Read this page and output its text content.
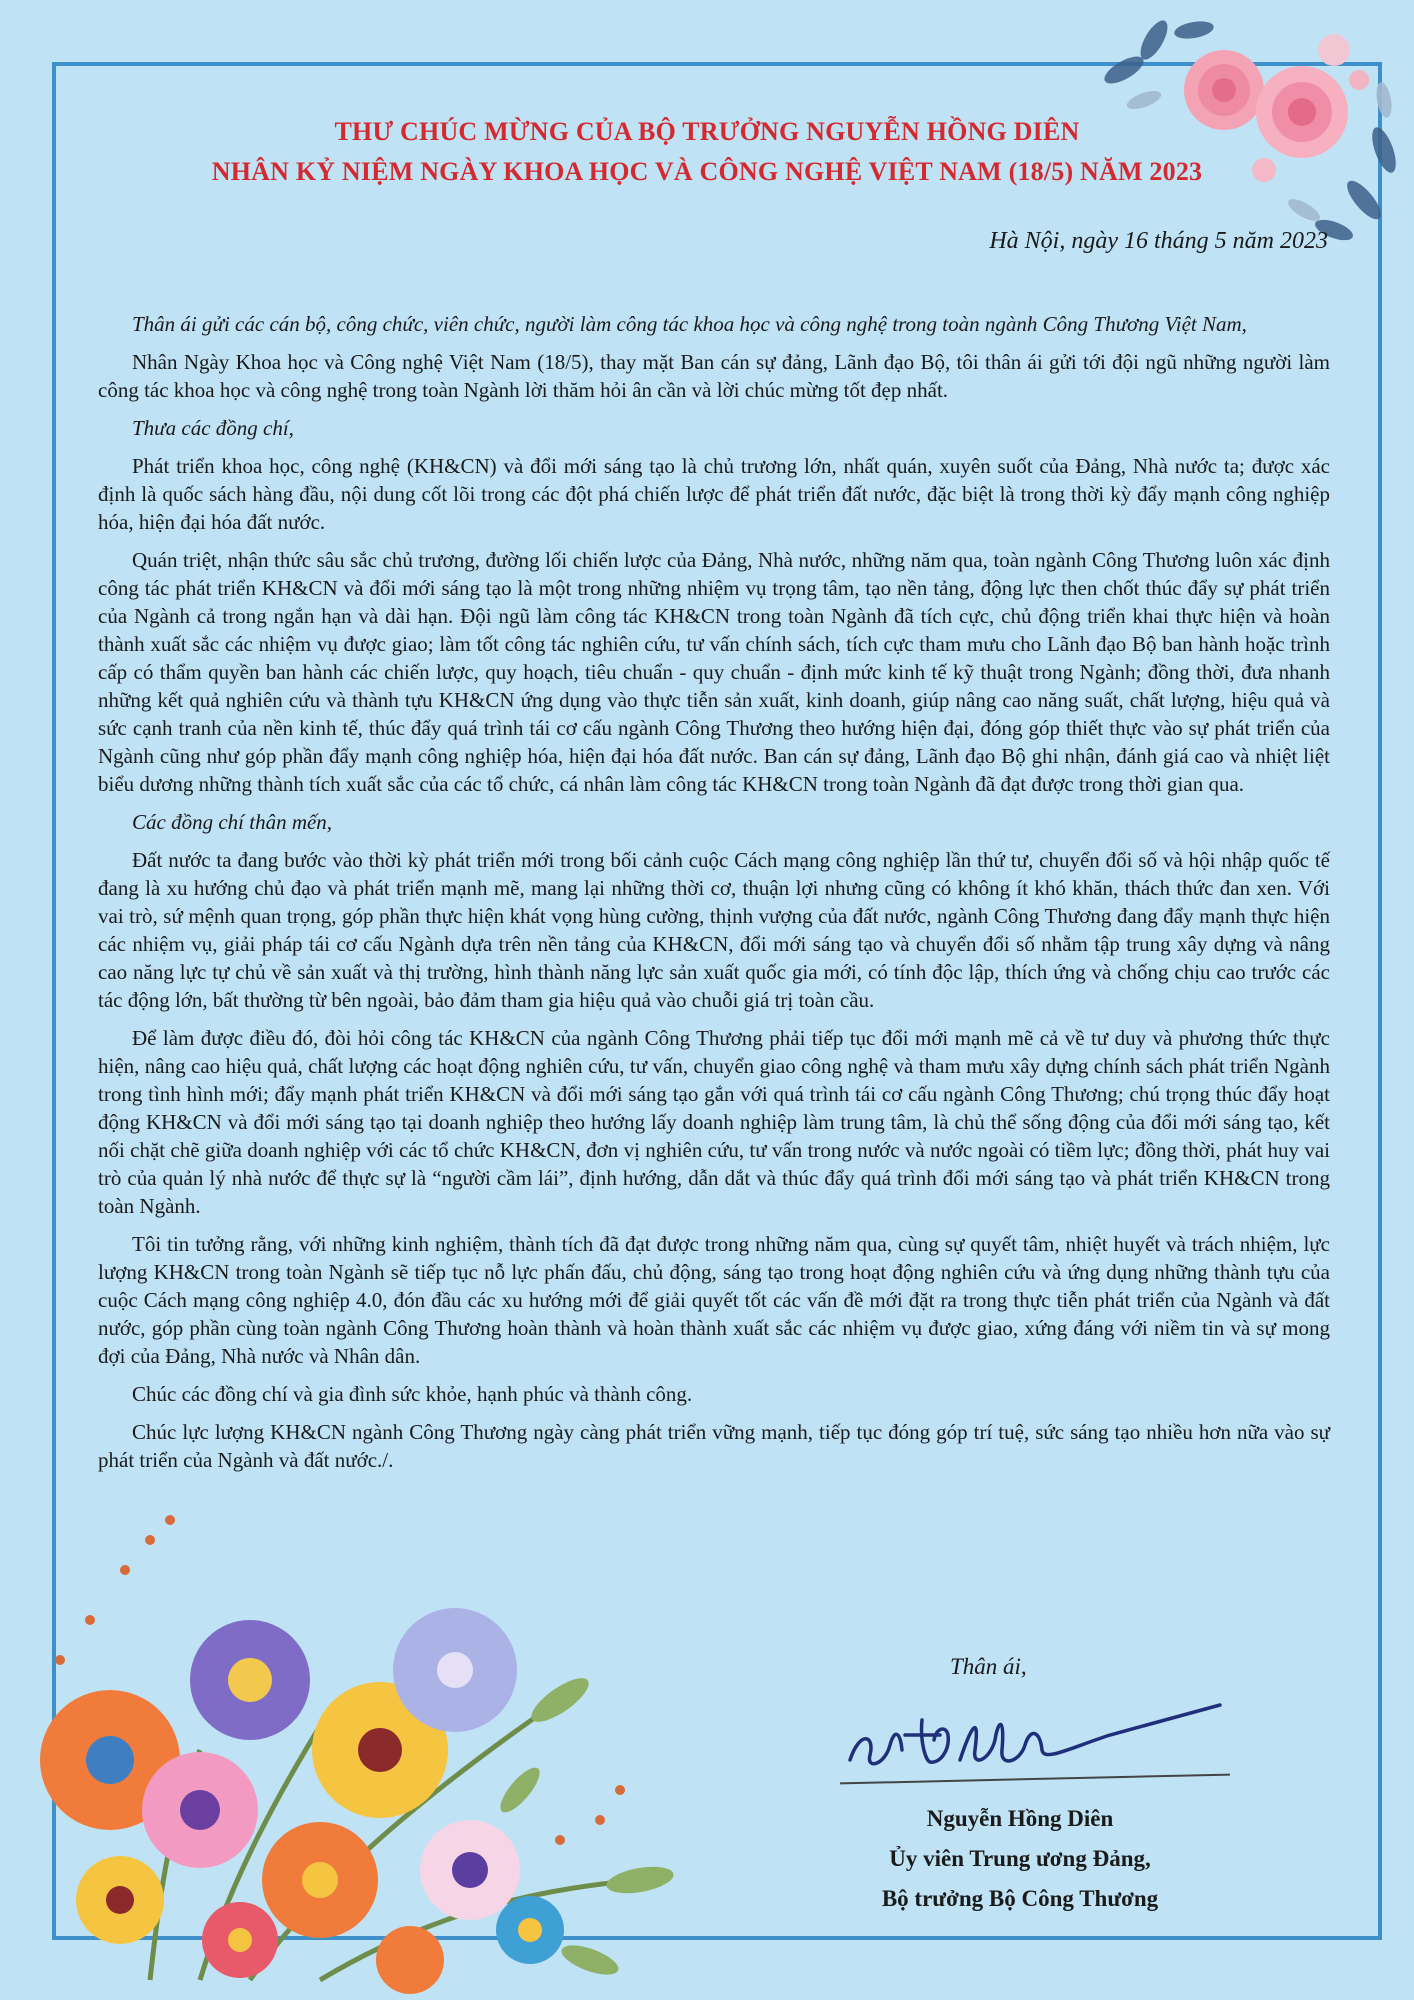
THƯ CHÚC MỪNG CỦA BỘ TRƯỞNG NGUYỄN HỒNG DIÊN
NHÂN KỶ NIỆM NGÀY KHOA HỌC VÀ CÔNG NGHỆ VIỆT NAM (18/5) NĂM 2023
Hà Nội, ngày 16 tháng 5 năm 2023

Thân ái gửi các cán bộ, công chức, viên chức, người làm công tác khoa học và công nghệ trong toàn ngành Công Thương Việt Nam,

Nhân Ngày Khoa học và Công nghệ Việt Nam (18/5), thay mặt Ban cán sự đảng, Lãnh đạo Bộ, tôi thân ái gửi tới đội ngũ những người làm công tác khoa học và công nghệ trong toàn Ngành lời thăm hỏi ân cần và lời chúc mừng tốt đẹp nhất.

Thưa các đồng chí,

Phát triển khoa học, công nghệ (KH&CN) và đổi mới sáng tạo là chủ trương lớn, nhất quán, xuyên suốt của Đảng, Nhà nước ta; được xác định là quốc sách hàng đầu, nội dung cốt lõi trong các đột phá chiến lược để phát triển đất nước, đặc biệt là trong thời kỳ đẩy mạnh công nghiệp hóa, hiện đại hóa đất nước.

Quán triệt, nhận thức sâu sắc chủ trương, đường lối chiến lược của Đảng, Nhà nước, những năm qua, toàn ngành Công Thương luôn xác định công tác phát triển KH&CN và đổi mới sáng tạo là một trong những nhiệm vụ trọng tâm, tạo nền tảng, động lực then chốt thúc đẩy sự phát triển của Ngành cả trong ngắn hạn và dài hạn. Đội ngũ làm công tác KH&CN trong toàn Ngành đã tích cực, chủ động triển khai thực hiện và hoàn thành xuất sắc các nhiệm vụ được giao; làm tốt công tác nghiên cứu, tư vấn chính sách, tích cực tham mưu cho Lãnh đạo Bộ ban hành hoặc trình cấp có thẩm quyền ban hành các chiến lược, quy hoạch, tiêu chuẩn - quy chuẩn - định mức kinh tế kỹ thuật trong Ngành; đồng thời, đưa nhanh những kết quả nghiên cứu và thành tựu KH&CN ứng dụng vào thực tiễn sản xuất, kinh doanh, giúp nâng cao năng suất, chất lượng, hiệu quả và sức cạnh tranh của nền kinh tế, thúc đẩy quá trình tái cơ cấu ngành Công Thương theo hướng hiện đại, đóng góp thiết thực vào sự phát triển của Ngành cũng như góp phần đẩy mạnh công nghiệp hóa, hiện đại hóa đất nước. Ban cán sự đảng, Lãnh đạo Bộ ghi nhận, đánh giá cao và nhiệt liệt biểu dương những thành tích xuất sắc của các tổ chức, cá nhân làm công tác KH&CN trong toàn Ngành đã đạt được trong thời gian qua.

Các đồng chí thân mến,

Đất nước ta đang bước vào thời kỳ phát triển mới trong bối cảnh cuộc Cách mạng công nghiệp lần thứ tư, chuyển đổi số và hội nhập quốc tế đang là xu hướng chủ đạo và phát triển mạnh mẽ, mang lại những thời cơ, thuận lợi nhưng cũng có không ít khó khăn, thách thức đan xen. Với vai trò, sứ mệnh quan trọng, góp phần thực hiện khát vọng hùng cường, thịnh vượng của đất nước, ngành Công Thương đang đẩy mạnh thực hiện các nhiệm vụ, giải pháp tái cơ cấu Ngành dựa trên nền tảng của KH&CN, đổi mới sáng tạo và chuyển đổi số nhằm tập trung xây dựng và nâng cao năng lực tự chủ về sản xuất và thị trường, hình thành năng lực sản xuất quốc gia mới, có tính độc lập, thích ứng và chống chịu cao trước các tác động lớn, bất thường từ bên ngoài, bảo đảm tham gia hiệu quả vào chuỗi giá trị toàn cầu.

Để làm được điều đó, đòi hỏi công tác KH&CN của ngành Công Thương phải tiếp tục đổi mới mạnh mẽ cả về tư duy và phương thức thực hiện, nâng cao hiệu quả, chất lượng các hoạt động nghiên cứu, tư vấn, chuyển giao công nghệ và tham mưu xây dựng chính sách phát triển Ngành trong tình hình mới; đẩy mạnh phát triển KH&CN và đổi mới sáng tạo gắn với quá trình tái cơ cấu ngành Công Thương; chú trọng thúc đẩy hoạt động KH&CN và đổi mới sáng tạo tại doanh nghiệp theo hướng lấy doanh nghiệp làm trung tâm, là chủ thể sống động của đổi mới sáng tạo, kết nối chặt chẽ giữa doanh nghiệp với các tổ chức KH&CN, đơn vị nghiên cứu, tư vấn trong nước và nước ngoài có tiềm lực; đồng thời, phát huy vai trò của quản lý nhà nước để thực sự là “người cầm lái”, định hướng, dẫn dắt và thúc đẩy quá trình đổi mới sáng tạo và phát triển KH&CN trong toàn Ngành.

Tôi tin tưởng rằng, với những kinh nghiệm, thành tích đã đạt được trong những năm qua, cùng sự quyết tâm, nhiệt huyết và trách nhiệm, lực lượng KH&CN trong toàn Ngành sẽ tiếp tục nỗ lực phấn đấu, chủ động, sáng tạo trong hoạt động nghiên cứu và ứng dụng những thành tựu của cuộc Cách mạng công nghiệp 4.0, đón đầu các xu hướng mới để giải quyết tốt các vấn đề mới đặt ra trong thực tiễn phát triển của Ngành và đất nước, góp phần cùng toàn ngành Công Thương hoàn thành và hoàn thành xuất sắc các nhiệm vụ được giao, xứng đáng với niềm tin và sự mong đợi của Đảng, Nhà nước và Nhân dân.

Chúc các đồng chí và gia đình sức khỏe, hạnh phúc và thành công.

Chúc lực lượng KH&CN ngành Công Thương ngày càng phát triển vững mạnh, tiếp tục đóng góp trí tuệ, sức sáng tạo nhiều hơn nữa vào sự phát triển của Ngành và đất nước./.

Thân ái,
Nguyễn Hồng Diên
Ủy viên Trung ương Đảng,
Bộ trưởng Bộ Công Thương
